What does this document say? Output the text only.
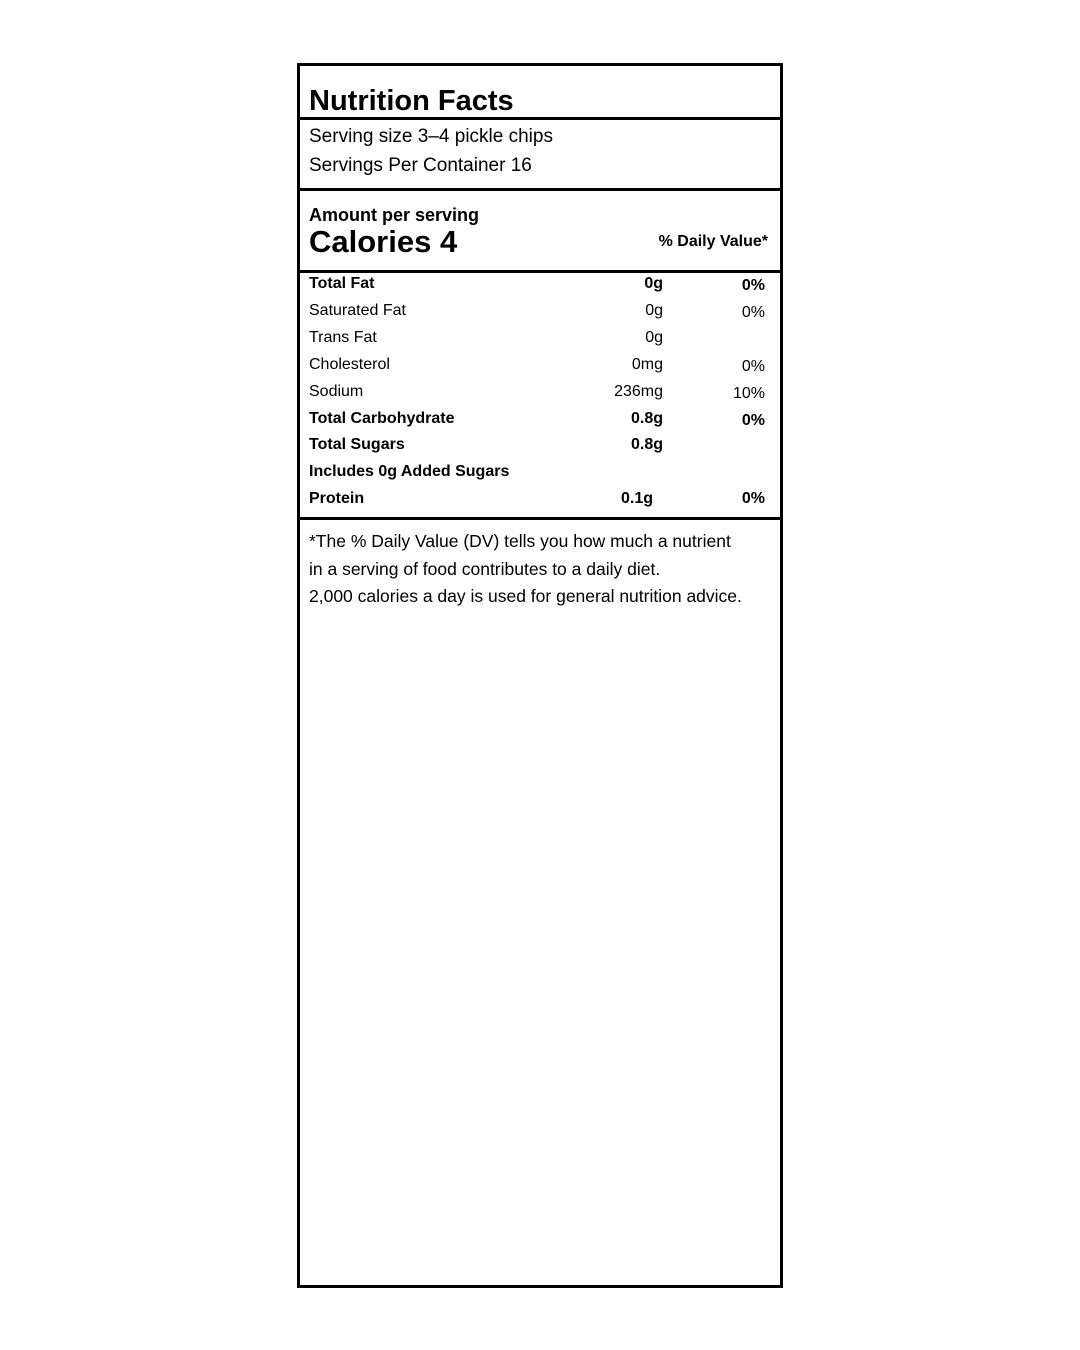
Nutrition Facts
Serving size 3–4 pickle chips
Servings Per Container 16
Amount per serving
Calories 4	% Daily Value*
Total Fat	0g	0%
Saturated Fat	0g	0%
Trans Fat	0g
Cholesterol	0mg	0%
Sodium	236mg	10%
Total Carbohydrate	0.8g	0%
Total Sugars	0.8g
Includes 0g Added Sugars
Protein	0.1g	0%
*The % Daily Value (DV) tells you how much a nutrient
in a serving of food contributes to a daily diet.
2,000 calories a day is used for general nutrition advice.
